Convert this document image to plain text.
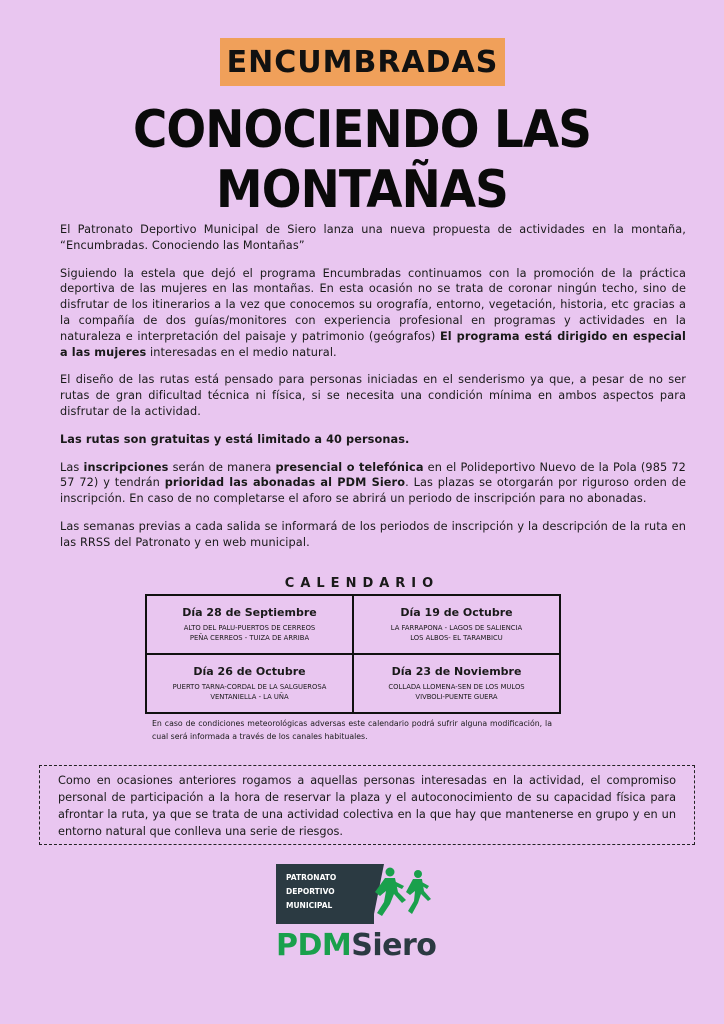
ENCUMBRADAS
CONOCIENDO LAS MONTAÑAS

El Patronato Deportivo Municipal de Siero lanza una nueva propuesta de actividades en la montaña, “Encumbradas. Conociendo las Montañas”

Siguiendo la estela que dejó el programa Encumbradas continuamos con la promoción de la práctica deportiva de las mujeres en las montañas. En esta ocasión no se trata de coronar ningún techo, sino de disfrutar de los itinerarios a la vez que conocemos su orografía, entorno, vegetación, historia, etc gracias a la compañía de dos guías/monitores con experiencia profesional en programas y actividades en la naturaleza e interpretación del paisaje y patrimonio (geógrafos) El programa está dirigido en especial a las mujeres interesadas en el medio natural.

El diseño de las rutas está pensado para personas iniciadas en el senderismo ya que, a pesar de no ser rutas de gran dificultad técnica ni física, si se necesita una condición mínima en ambos aspectos para disfrutar de la actividad.

Las rutas son gratuitas y está limitado a 40 personas.

Las inscripciones serán de manera presencial o telefónica en el Polideportivo Nuevo de la Pola (985 72 57 72) y tendrán prioridad las abonadas al PDM Siero. Las plazas se otorgarán por riguroso orden de inscripción. En caso de no completarse el aforo se abrirá un periodo de inscripción para no abonadas.

Las semanas previas a cada salida se informará de los periodos de inscripción y la descripción de la ruta en las RRSS del Patronato y en web municipal.

CALENDARIO
Día 28 de Septiembre
ALTO DEL PALU-PUERTOS DE CERREOS
PEÑA CERREOS - TUIZA DE ARRIBA
Día 19 de Octubre
LA FARRAPONA - LAGOS DE SALIENCIA
LOS ALBOS- EL TARAMBICU
Día 26 de Octubre
PUERTO TARNA-CORDAL DE LA SALGUEROSA
VENTANIELLA - LA UÑA
Día 23 de Noviembre
COLLADA LLOMENA-SEN DE LOS MULOS
VIVBOLI-PUENTE GUERA
En caso de condiciones meteorológicas adversas este calendario podrá sufrir alguna modificación, la cual será informada a través de los canales habituales.
Como en ocasiones anteriores rogamos a aquellas personas interesadas en la actividad, el compromiso personal de participación a la hora de reservar la plaza y el autoconocimiento de su capacidad física para afrontar la ruta, ya que se trata de una actividad colectiva en la que hay que mantenerse en grupo y en un entorno natural que conlleva una serie de riesgos.
PATRONATO
DEPORTIVO
MUNICIPAL
PDMSiero
